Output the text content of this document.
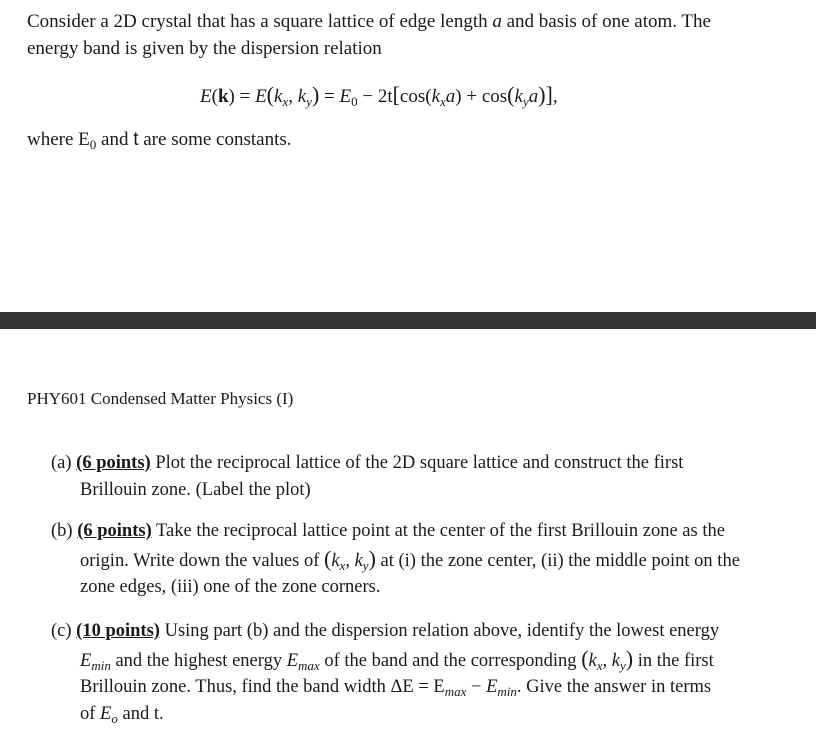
Consider a 2D crystal that has a square lattice of edge length a and basis of one atom. The
energy band is given by the dispersion relation
$E(k) = E(k_x$, $k_y) = E_0 - 2t[\cos(k_xa) + \cos(k_ya)]$,
where $E_0$ and t are some constants.
PHY601 Condensed Matter Physics (I)
(a) (6 points) Plot the reciprocal lattice of the 2D square lattice and construct the first
Brillouin zone. (Label the plot)
(b) (6 points) Take the reciprocal lattice point at the center of the first Brillouin zone as the
origin. Write down the values of ($k_x$, $k_y$) at (i) the zone center, (ii) the middle point on the
zone edges, (iii) one of the zone corners.
(c) (10 points) Using part (b) and the dispersion relation above, identify the lowest energy
$E_{min}$ and the highest energy $E_{max}$ of the band and the corresponding ($k_x$, $k_y$) in the first
Brillouin zone. Thus, find the band width $\Delta E = E_{max} - E_{min}$. Give the answer in terms
of $E_o$ and t.
